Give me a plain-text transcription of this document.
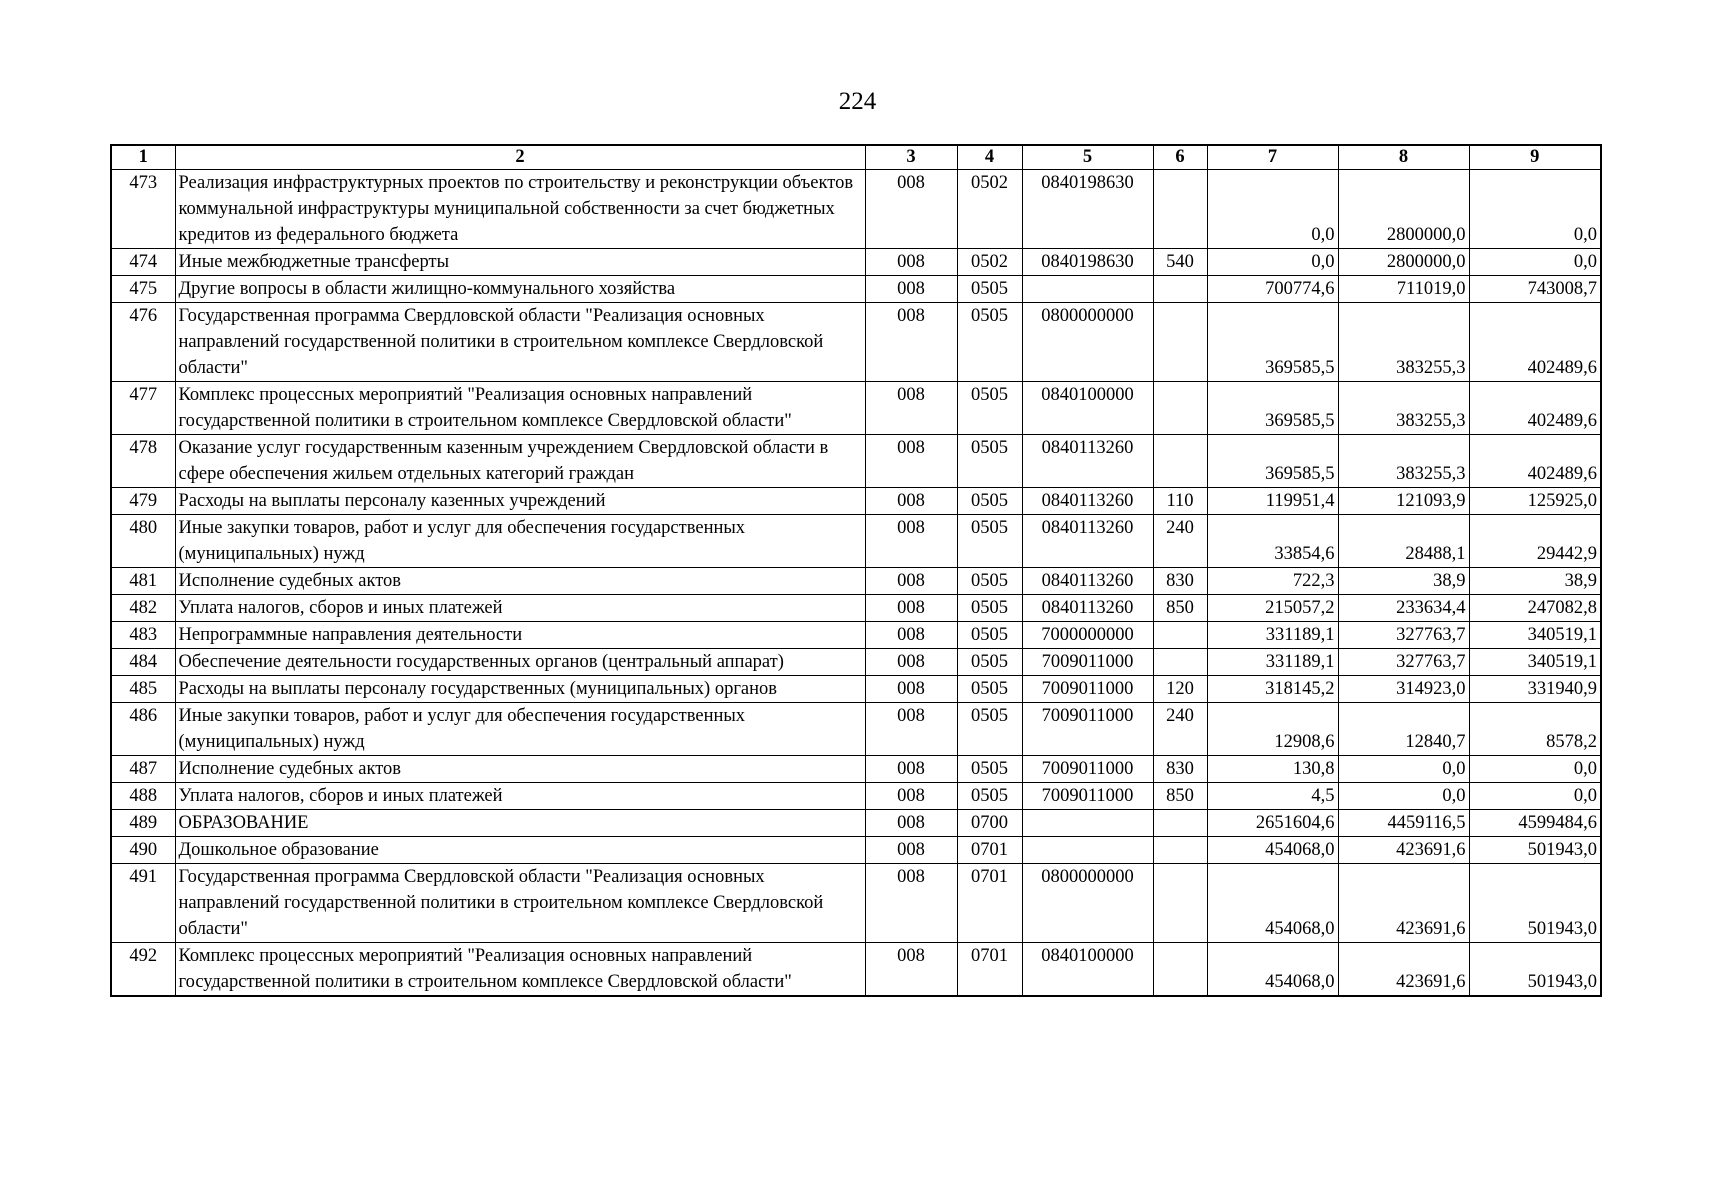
224
1	2	3	4	5	6	7	8	9
473	Реализация инфраструктурных проектов по строительству и реконструкции объектов коммунальной инфраструктуры муниципальной собственности за счет бюджетных кредитов из федерального бюджета	008	0502	0840198630		0,0	2800000,0	0,0
474	Иные межбюджетные трансферты	008	0502	0840198630	540	0,0	2800000,0	0,0
475	Другие вопросы в области жилищно-коммунального хозяйства	008	0505			700774,6	711019,0	743008,7
476	Государственная программа Свердловской области "Реализация основных направлений государственной политики в строительном комплексе Свердловской области"	008	0505	0800000000		369585,5	383255,3	402489,6
477	Комплекс процессных мероприятий "Реализация основных направлений государственной политики в строительном комплексе Свердловской области"	008	0505	0840100000		369585,5	383255,3	402489,6
478	Оказание услуг государственным казенным учреждением Свердловской области в сфере обеспечения жильем отдельных категорий граждан	008	0505	0840113260		369585,5	383255,3	402489,6
479	Расходы на выплаты персоналу казенных учреждений	008	0505	0840113260	110	119951,4	121093,9	125925,0
480	Иные закупки товаров, работ и услуг для обеспечения государственных (муниципальных) нужд	008	0505	0840113260	240	33854,6	28488,1	29442,9
481	Исполнение судебных актов	008	0505	0840113260	830	722,3	38,9	38,9
482	Уплата налогов, сборов и иных платежей	008	0505	0840113260	850	215057,2	233634,4	247082,8
483	Непрограммные направления деятельности	008	0505	7000000000		331189,1	327763,7	340519,1
484	Обеспечение деятельности государственных органов (центральный аппарат)	008	0505	7009011000		331189,1	327763,7	340519,1
485	Расходы на выплаты персоналу государственных (муниципальных) органов	008	0505	7009011000	120	318145,2	314923,0	331940,9
486	Иные закупки товаров, работ и услуг для обеспечения государственных (муниципальных) нужд	008	0505	7009011000	240	12908,6	12840,7	8578,2
487	Исполнение судебных актов	008	0505	7009011000	830	130,8	0,0	0,0
488	Уплата налогов, сборов и иных платежей	008	0505	7009011000	850	4,5	0,0	0,0
489	ОБРАЗОВАНИЕ	008	0700			2651604,6	4459116,5	4599484,6
490	Дошкольное образование	008	0701			454068,0	423691,6	501943,0
491	Государственная программа Свердловской области "Реализация основных направлений государственной политики в строительном комплексе Свердловской области"	008	0701	0800000000		454068,0	423691,6	501943,0
492	Комплекс процессных мероприятий "Реализация основных направлений государственной политики в строительном комплексе Свердловской области"	008	0701	0840100000		454068,0	423691,6	501943,0
